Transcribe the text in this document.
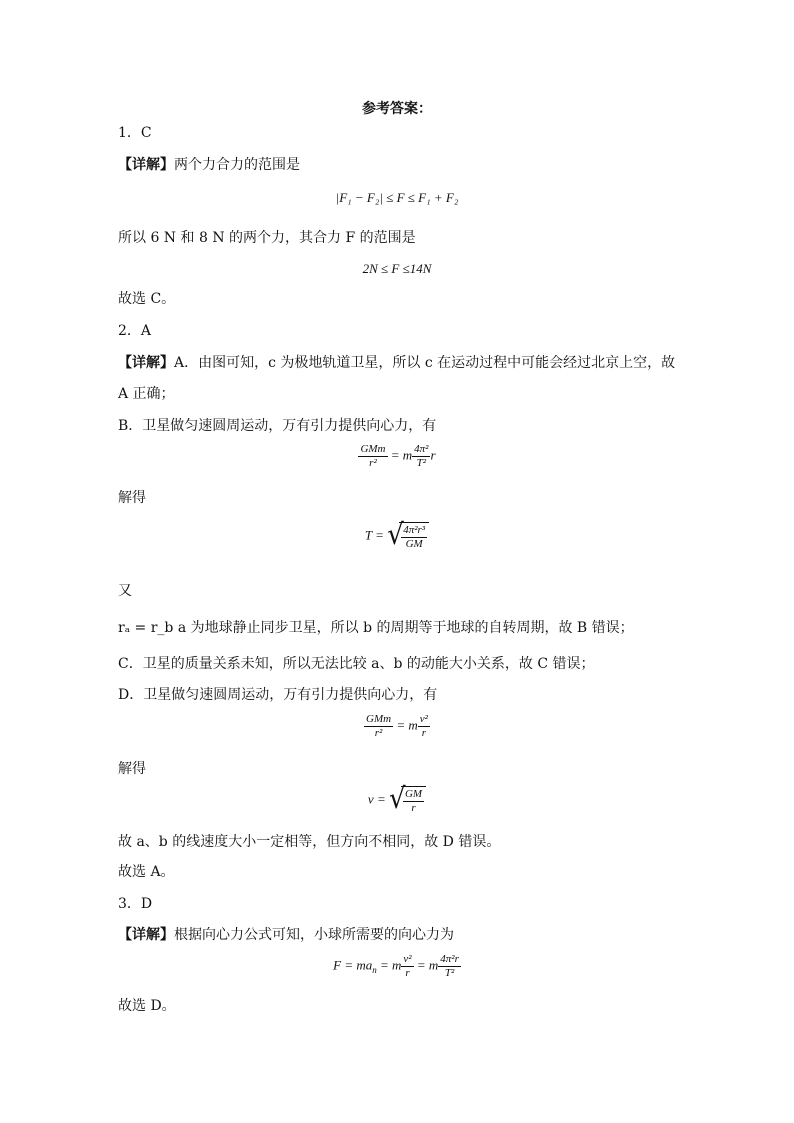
参考答案：
1．C
【详解】两个力合力的范围是
|F₁ − F₂| ≤ F ≤ F₁ + F₂
所以 6 N 和 8 N 的两个力，其合力 F 的范围是
2N ≤ F ≤14N
故选 C。
2．A
【详解】A．由图可知，c 为极地轨道卫星，所以 c 在运动过程中可能会经过北京上空，故
A 正确；
B．卫星做匀速圆周运动，万有引力提供向心力，有
$\frac{\text{GMm}}{\text{r²}} = m \frac{\text{4π²}}{\text{T²}}$ r
解得
T = √
$\frac{\text{4π²r³}}{GM}$
又
rₐ = r_b a 为地球静止同步卫星，所以 b 的周期等于地球的自转周期，故 B 错误；
C．卫星的质量关系未知，所以无法比较 a、b 的动能大小关系，故 C 错误；
D．卫星做匀速圆周运动，万有引力提供向心力，有
$\frac{\text{GMm}}{\text{r²}} = m \frac{\text{v²}}{r}$
解得
v = √
$\frac{GM}{r}$
故 a、b 的线速度大小一定相等，但方向不相同，故 D 错误。
故选 A。
3．D
【详解】根据向心力公式可知，小球所需要的向心力为
$F = ma_n = m \frac{\text{v²}}{r} = m \frac{\text{4π²r}}{\text{T²}}$
故选 D。
